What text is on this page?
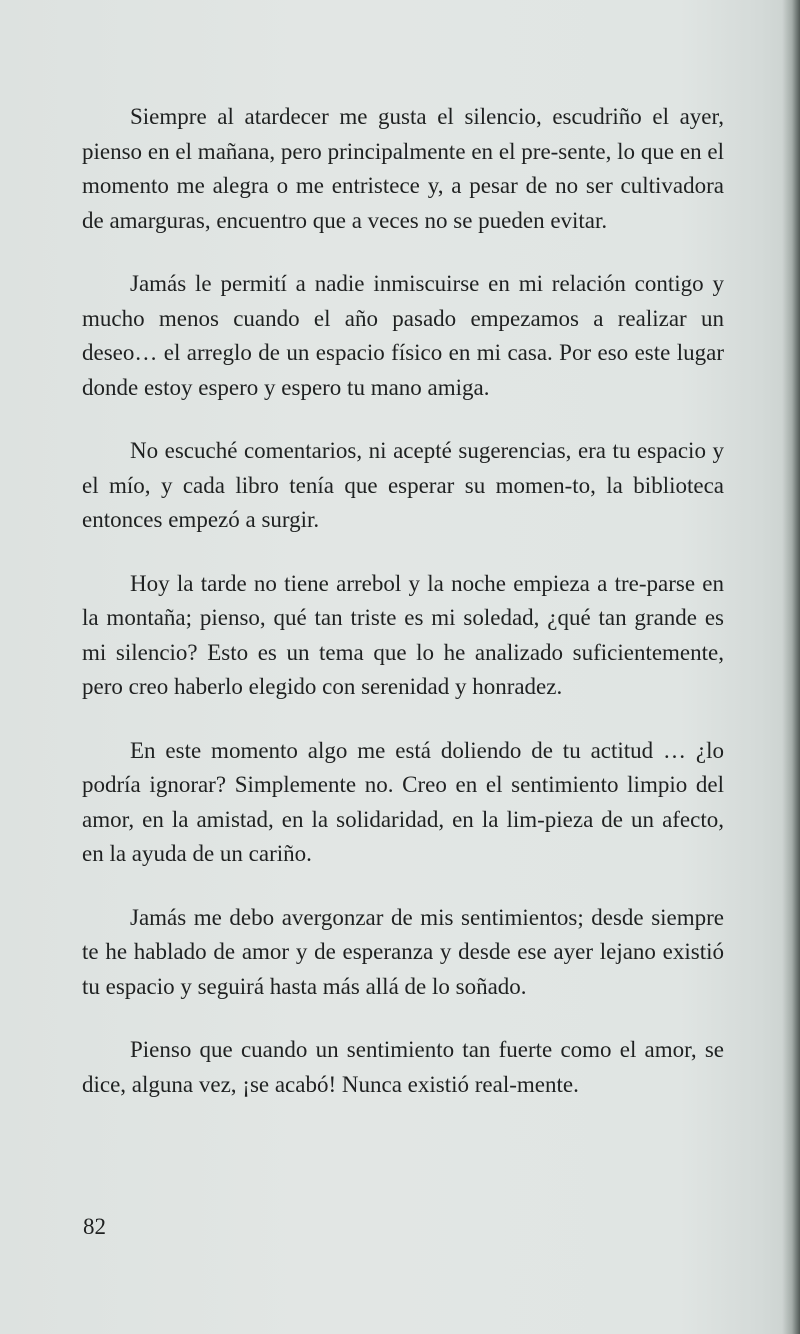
Siempre al atardecer me gusta el silencio, escudriño el ayer, pienso en el mañana, pero principalmente en el pre-sente, lo que en el momento me alegra o me entristece y, a pesar de no ser cultivadora de amarguras, encuentro que a veces no se pueden evitar.

Jamás le permití a nadie inmiscuirse en mi relación contigo y mucho menos cuando el año pasado empezamos a realizar un deseo… el arreglo de un espacio físico en mi casa. Por eso este lugar donde estoy espero y espero tu mano amiga.

No escuché comentarios, ni acepté sugerencias, era tu espacio y el mío, y cada libro tenía que esperar su momen-to, la biblioteca entonces empezó a surgir.

Hoy la tarde no tiene arrebol y la noche empieza a tre-parse en la montaña; pienso, qué tan triste es mi soledad, ¿qué tan grande es mi silencio? Esto es un tema que lo he analizado suficientemente, pero creo haberlo elegido con serenidad y honradez.

En este momento algo me está doliendo de tu actitud … ¿lo podría ignorar? Simplemente no. Creo en el sentimiento limpio del amor, en la amistad, en la solidaridad, en la lim-pieza de un afecto, en la ayuda de un cariño.

Jamás me debo avergonzar de mis sentimientos; desde siempre te he hablado de amor y de esperanza y desde ese ayer lejano existió tu espacio y seguirá hasta más allá de lo soñado.

Pienso que cuando un sentimiento tan fuerte como el amor, se dice, alguna vez, ¡se acabó! Nunca existió real-mente.

82
